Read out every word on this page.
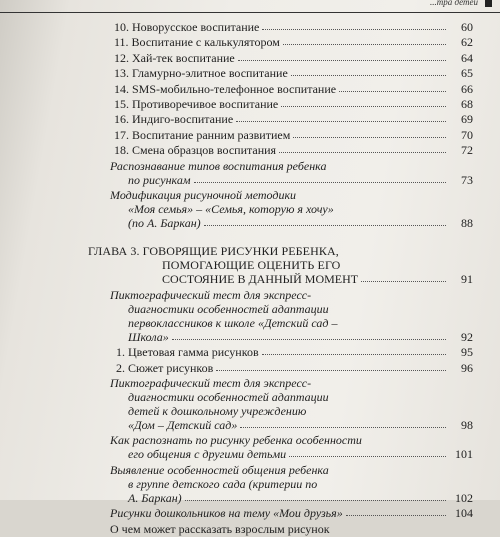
...тра детей
10. Новорусское воспитание	60
11. Воспитание с калькулятором	62
12. Хай-тек воспитание	64
13. Гламурно-элитное воспитание	65
14. SMS-мобильно-телефонное воспитание	66
15. Противоречивое воспитание	68
16. Индиго-воспитание	69
17. Воспитание ранним развитием	70
18. Смена образцов воспитания	72
Распознавание типов воспитания ребенка
по рисункам	73
Модификация рисуночной методики
«Моя семья» – «Семья, которую я хочу»
(по А. Баркан)	88
ГЛАВА 3. ГОВОРЯЩИЕ РИСУНКИ РЕБЕНКА,
ПОМОГАЮЩИЕ ОЦЕНИТЬ ЕГО
СОСТОЯНИЕ В ДАННЫЙ МОМЕНТ	91
Пиктографический тест для экспресс-
диагностики особенностей адаптации
первоклассников к школе «Детский сад –
Школа»	92
1. Цветовая гамма рисунков	95
2. Сюжет рисунков	96
Пиктографический тест для экспресс-
диагностики особенностей адаптации
детей к дошкольному учреждению
«Дом – Детский сад»	98
Как распознать по рисунку ребенка особенности
его общения с другими детьми	101
Выявление особенностей общения ребенка
в группе детского сада (критерии по
А. Баркан)	102
Рисунки дошкольников на тему «Мои друзья»	104
О чем может рассказать взрослым рисунок
